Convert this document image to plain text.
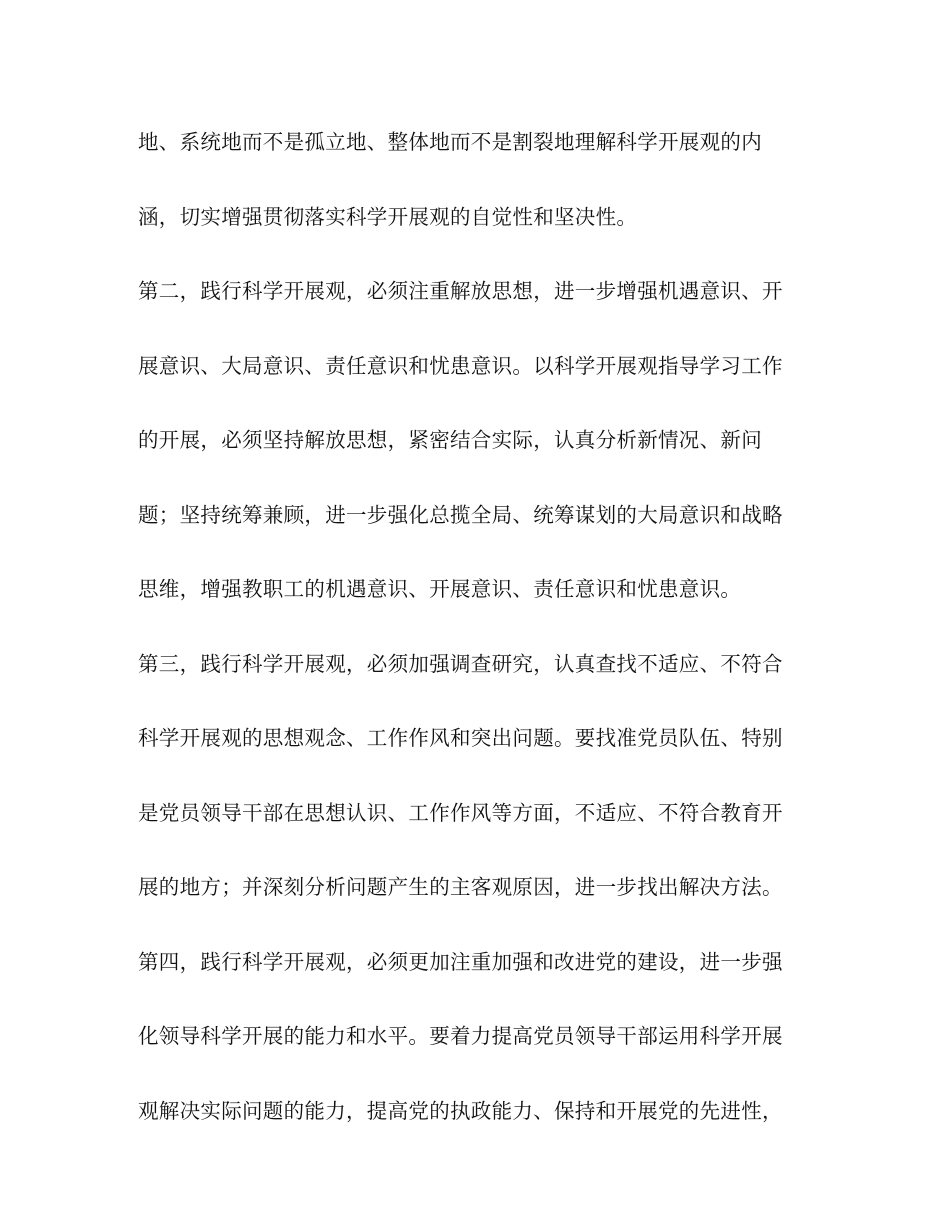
地、系统地而不是孤立地、整体地而不是割裂地理解科学开展观的内
涵，切实增强贯彻落实科学开展观的自觉性和坚决性。
第二，践行科学开展观，必须注重解放思想，进一步增强机遇意识、开
展意识、大局意识、责任意识和忧患意识。以科学开展观指导学习工作
的开展，必须坚持解放思想，紧密结合实际，认真分析新情况、新问
题；坚持统筹兼顾，进一步强化总揽全局、统筹谋划的大局意识和战略
思维，增强教职工的机遇意识、开展意识、责任意识和忧患意识。
第三，践行科学开展观，必须加强调查研究，认真查找不适应、不符合
科学开展观的思想观念、工作作风和突出问题。要找准党员队伍、特别
是党员领导干部在思想认识、工作作风等方面，不适应、不符合教育开
展的地方；并深刻分析问题产生的主客观原因，进一步找出解决方法。
第四，践行科学开展观，必须更加注重加强和改进党的建设，进一步强
化领导科学开展的能力和水平。要着力提高党员领导干部运用科学开展
观解决实际问题的能力，提高党的执政能力、保持和开展党的先进性，
